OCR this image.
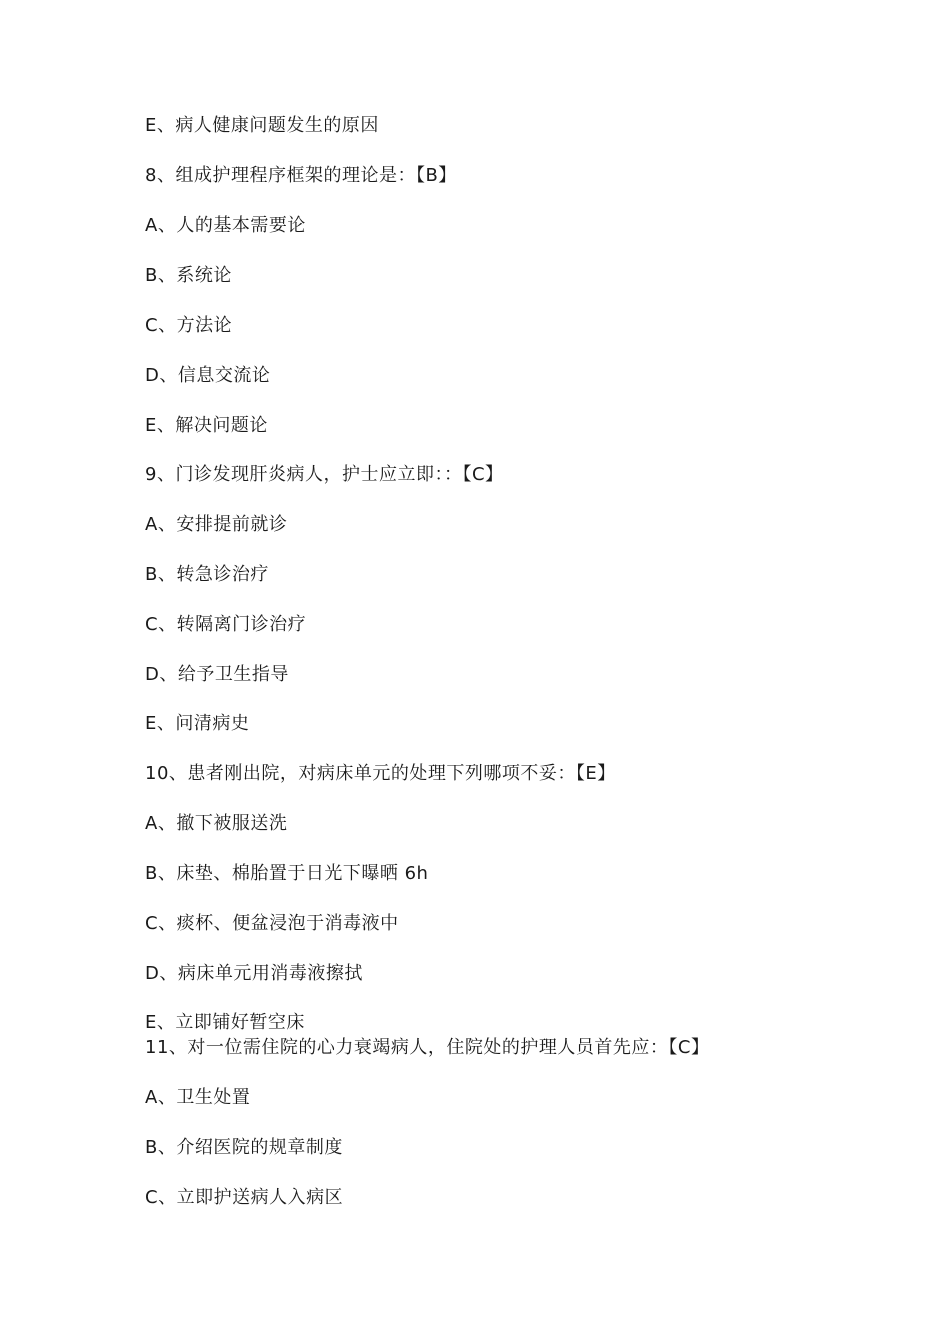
E、病人健康问题发生的原因
8、组成护理程序框架的理论是：【B】
A、人的基本需要论
B、系统论
C、方法论
D、信息交流论
E、解决问题论
9、门诊发现肝炎病人，护士应立即：：【C】
A、安排提前就诊
B、转急诊治疗
C、转隔离门诊治疗
D、给予卫生指导
E、问清病史
10、患者刚出院，对病床单元的处理下列哪项不妥：【E】
A、撤下被服送洗
B、床垫、棉胎置于日光下曝晒 6h
C、痰杯、便盆浸泡于消毒液中
D、病床单元用消毒液擦拭
E、立即铺好暂空床
11、对一位需住院的心力衰竭病人，住院处的护理人员首先应：【C】
A、卫生处置
B、介绍医院的规章制度
C、立即护送病人入病区
